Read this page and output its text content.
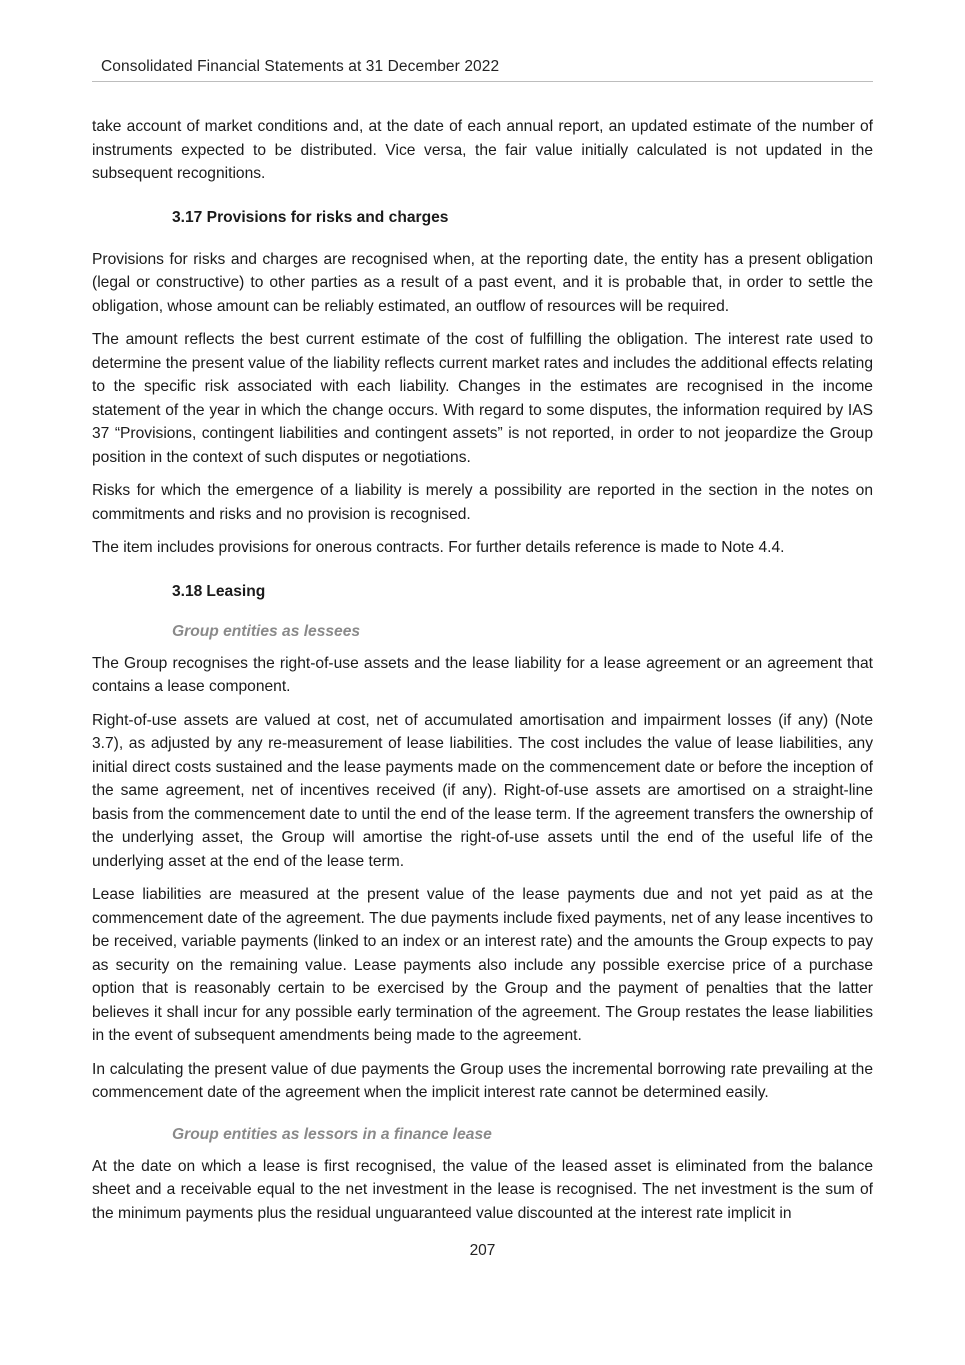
Consolidated Financial Statements at 31 December 2022

take account of market conditions and, at the date of each annual report, an updated estimate of the number of instruments expected to be distributed. Vice versa, the fair value initially calculated is not updated in the subsequent recognitions.

3.17 Provisions for risks and charges

Provisions for risks and charges are recognised when, at the reporting date, the entity has a present obligation (legal or constructive) to other parties as a result of a past event, and it is probable that, in order to settle the obligation, whose amount can be reliably estimated, an outflow of resources will be required.

The amount reflects the best current estimate of the cost of fulfilling the obligation. The interest rate used to determine the present value of the liability reflects current market rates and includes the additional effects relating to the specific risk associated with each liability. Changes in the estimates are recognised in the income statement of the year in which the change occurs. With regard to some disputes, the information required by IAS 37 “Provisions, contingent liabilities and contingent assets” is not reported, in order to not jeopardize the Group position in the context of such disputes or negotiations.

Risks for which the emergence of a liability is merely a possibility are reported in the section in the notes on commitments and risks and no provision is recognised.

The item includes provisions for onerous contracts. For further details reference is made to Note 4.4.

3.18 Leasing
Group entities as lessees

The Group recognises the right-of-use assets and the lease liability for a lease agreement or an agreement that contains a lease component.

Right-of-use assets are valued at cost, net of accumulated amortisation and impairment losses (if any) (Note 3.7), as adjusted by any re-measurement of lease liabilities. The cost includes the value of lease liabilities, any initial direct costs sustained and the lease payments made on the commencement date or before the inception of the same agreement, net of incentives received (if any). Right-of-use assets are amortised on a straight-line basis from the commencement date to until the end of the lease term. If the agreement transfers the ownership of the underlying asset, the Group will amortise the right-of-use assets until the end of the useful life of the underlying asset at the end of the lease term.

Lease liabilities are measured at the present value of the lease payments due and not yet paid as at the commencement date of the agreement. The due payments include fixed payments, net of any lease incentives to be received, variable payments (linked to an index or an interest rate) and the amounts the Group expects to pay as security on the remaining value. Lease payments also include any possible exercise price of a purchase option that is reasonably certain to be exercised by the Group and the payment of penalties that the latter believes it shall incur for any possible early termination of the agreement. The Group restates the lease liabilities in the event of subsequent amendments being made to the agreement.

In calculating the present value of due payments the Group uses the incremental borrowing rate prevailing at the commencement date of the agreement when the implicit interest rate cannot be determined easily.

Group entities as lessors in a finance lease

At the date on which a lease is first recognised, the value of the leased asset is eliminated from the balance sheet and a receivable equal to the net investment in the lease is recognised. The net investment is the sum of the minimum payments plus the residual unguaranteed value discounted at the interest rate implicit in

207
